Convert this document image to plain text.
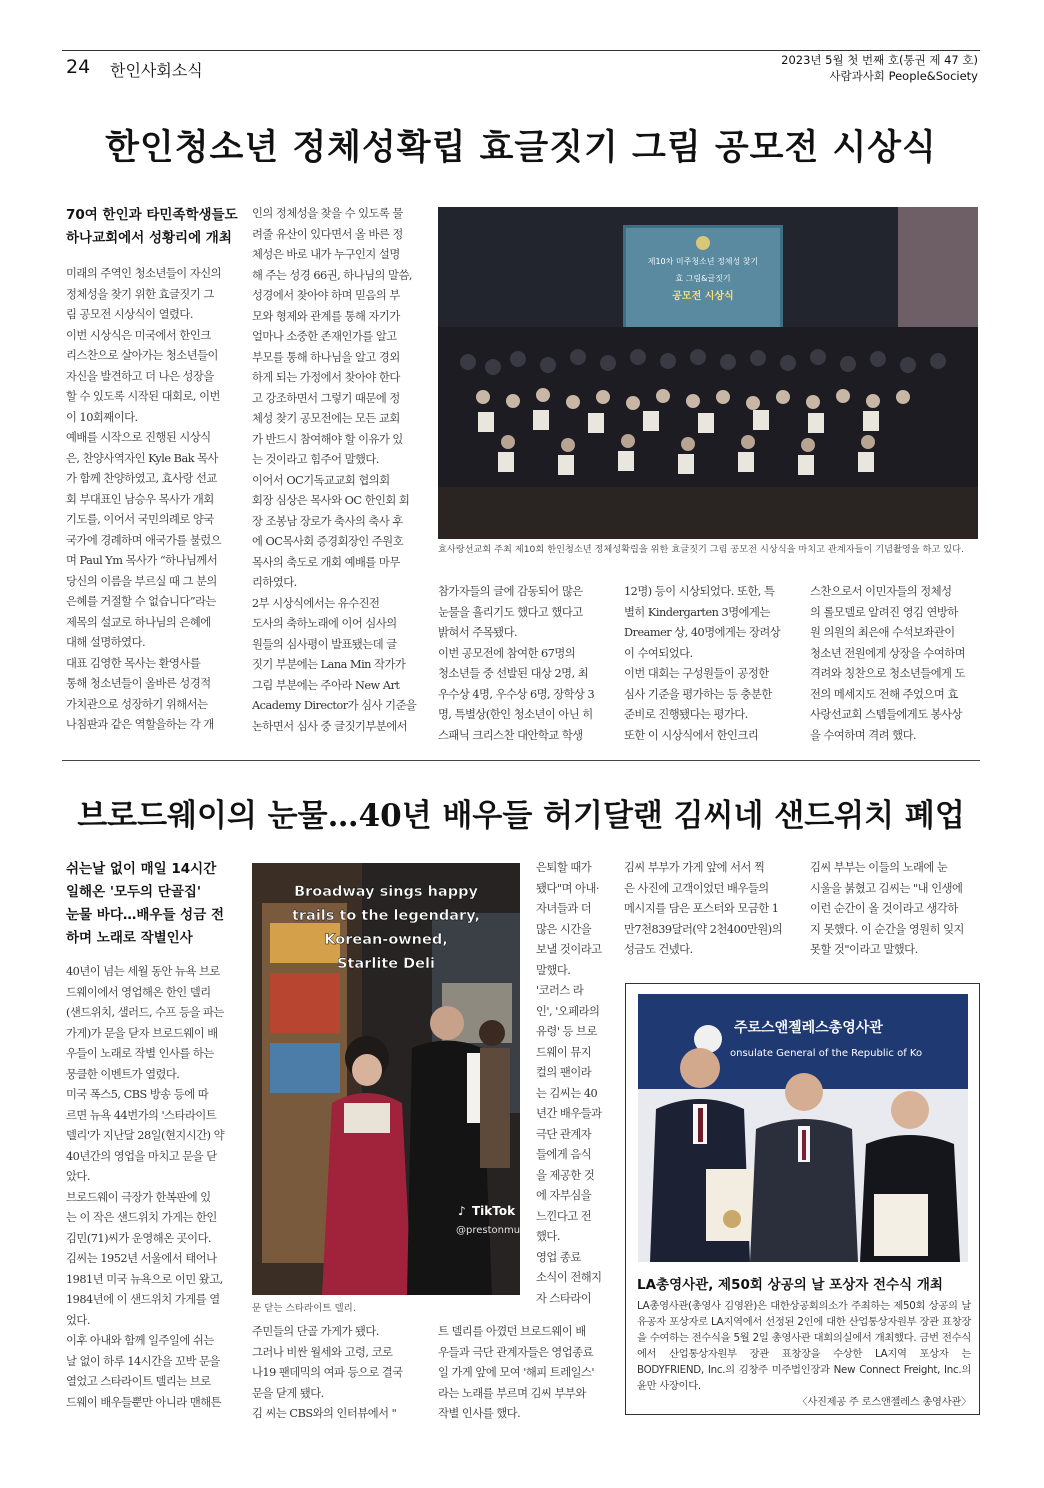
24 한인사회소식
2023년 5월 첫 번째 호(통권 제 47 호)
사람과사회 People&Society
한인청소년 정체성확립 효글짓기 그림 공모전 시상식
70여 한인과 타민족학생들도
하나교회에서 성황리에 개최
미래의 주역인 청소년들이 자신의
정체성을 찾기 위한 효글짓기 그
림 공모전 시상식이 열렸다.
이번 시상식은 미국에서 한인크
리스찬으로 살아가는 청소년들이
자신을 발견하고 더 나은 성장을
할 수 있도록 시작된 대회로, 이번
이 10회째이다.
예배를 시작으로 진행된 시상식
은, 찬양사역자인 Kyle Bak 목사
가 함께 찬양하였고, 효사랑 선교
회 부대표인 남승우 목사가 개회
기도를, 이어서 국민의례로 양국
국가에 경례하며 애국가를 불렀으
며 Paul Ym 목사가 “하나님께서
당신의 이름을 부르실 때 그 분의
은혜를 거절할 수 없습니다”라는
제목의 설교로 하나님의 은혜에
대해 설명하였다.
대표 김영한 목사는 환영사를
통해 청소년들이 올바른 성경적
가치관으로 성장하기 위해서는
나침판과 같은 역할을하는 각 개
인의 정체성을 찾을 수 있도록 물
려줄 유산이 있다면서 올 바른 정
체성은 바로 내가 누구인지 설명
해 주는 성경 66권, 하나님의 말씀,
성경에서 찾아야 하며 믿음의 부
모와 형제와 관계를 통해 자기가
얼마나 소중한 존재인가를 알고
부모를 통해 하나님을 알고 경외
하게 되는 가정에서 찾아야 한다
고 강조하면서 그렇기 때문에 정
체성 찾기 공모전에는 모든 교회
가 반드시 참여해야 할 이유가 있
는 것이라고 힘주어 말했다.
이어서 OC기독교교회 협의회
회장 심상은 목사와 OC 한인회 회
장 조봉남 장로가 축사의 축사 후
에 OC목사회 증경회장인 주원호
목사의 축도로 개회 예배를 마무
리하였다.
2부 시상식에서는 유수진전
도사의 축하노래에 이어 심사의
원들의 심사평이 발표됐는데 글
짓기 부분에는 Lana Min 작가가
그림 부분에는 주아라 New Art
Academy Director가 심사 기준을
논하면서 심사 중 글짓기부분에서
제10차 미주청소년 정체성 찾기
효 그림&글짓기
공모전 시상식
효사랑선교회 주최 제10회 한인청소년 정체성확립을 위한 효글짓기 그림 공모전 시상식을 마치고 관계자들이 기념촬영을 하고 있다.
참가자들의 글에 감동되어 많은
눈물을 흘리기도 했다고 했다고
밝혀서 주목됐다.
이번 공모전에 참여한 67명의
청소년들 중 선발된 대상 2명, 최
우수상 4명, 우수상 6명, 장학상 3
명, 특별상(한인 청소년이 아닌 히
스패닉 크리스찬 대안학교 학생
12명) 등이 시상되었다. 또한, 특
별히 Kindergarten 3명에게는
Dreamer 상, 40명에게는 장려상
이 수여되었다.
이번 대회는 구성원들이 공정한
심사 기준을 평가하는 등 충분한
준비로 진행됐다는 평가다.
또한 이 시상식에서 한인크리
스찬으로서 이민자들의 정체성
의 롤모델로 알려진 영김 연방하
원 의원의 최은애 수석보좌관이
청소년 전원에게 상장을 수여하며
격려와 칭찬으로 청소년들에게 도
전의 메세지도 전해 주었으며 효
사랑선교회 스텝들에게도 봉사상
을 수여하며 격려 했다.
브로드웨이의 눈물…40년 배우들 허기달랜 김씨네 샌드위치 폐업
쉬는날 없이 매일 14시간
일해온 '모두의 단골집'
눈물 바다…배우들 성금 전
하며 노래로 작별인사
40년이 넘는 세월 동안 뉴욕 브로
드웨이에서 영업해온 한인 델리
(샌드위치, 샐러드, 수프 등을 파는
가게)가 문을 닫자 브로드웨이 배
우들이 노래로 작별 인사를 하는
뭉클한 이벤트가 열렸다.
미국 폭스5, CBS 방송 등에 따
르면 뉴욕 44번가의 '스타라이트
델리'가 지난달 28일(현지시간) 약
40년간의 영업을 마치고 문을 닫
았다.
브로드웨이 극장가 한복판에 있
는 이 작은 샌드위치 가게는 한인
김민(71)씨가 운영해온 곳이다.
김씨는 1952년 서울에서 태어나
1981년 미국 뉴욕으로 이민 왔고,
1984년에 이 샌드위치 가게를 열
었다.
이후 아내와 함께 일주일에 쉬는
날 없이 하루 14시간을 꼬박 문을
열었고 스타라이트 델리는 브로
드웨이 배우들뿐만 아니라 맨해튼
Broadway sings happy
trails to the legendary,
Korean-owned,
Starlite Deli
TikTok
@prestonmu
♪
문 닫는 스타라이트 델리.
주민들의 단골 가게가 됐다.
그러나 비싼 월세와 고령, 코로
나19 팬데믹의 여파 등으로 결국
문을 닫게 됐다.
김 씨는 CBS와의 인터뷰에서 "
은퇴할 때가
됐다"며 아내·
자녀들과 더
많은 시간을
보낼 것이라고
말했다.
'코러스 라
인', '오페라의
유령' 등 브로
드웨이 뮤지
컬의 팬이라
는 김씨는 40
년간 배우들과
극단 관계자
들에게 음식
을 제공한 것
에 자부심을
느낀다고 전
했다.
영업 종료
소식이 전해지
자 스타라이
트 델리를 아꼈던 브로드웨이 배
우들과 극단 관계자들은 영업종료
일 가게 앞에 모여 '해피 트레일스'
라는 노래를 부르며 김씨 부부와
작별 인사를 했다.
김씨 부부가 가게 앞에 서서 찍
은 사진에 고객이었던 배우들의
메시지를 담은 포스터와 모금한 1
만7천839달러(약 2천400만원)의
성금도 건넸다.
김씨 부부는 이들의 노래에 눈
시울을 붉혔고 김씨는 "내 인생에
이런 순간이 올 것이라고 생각하
지 못했다. 이 순간을 영원히 잊지
못할 것"이라고 말했다.
주로스앤젤레스총영사관
onsulate General of the Republic of Ko
LA총영사관, 제50회 상공의 날 포상자 전수식 개최
LA총영사관(총영사 김영완)은 대한상공회의소가 주최하는 제50회 상공의 날 유공자 포상자로 LA지역에서 선정된 2인에 대한 산업통상자원부 장관 표창장을 수여하는 전수식을 5월 2일 총영사관 대회의실에서 개최했다. 금번 전수식에서 산업통상자원부 장관 표창장을 수상한 LA지역 포상자 는 BODYFRIEND, Inc.의 김창주 미주법인장과 New Connect Freight, Inc.의 윤만 사장이다.
〈사진제공 주 로스앤젤레스 총영사관〉
